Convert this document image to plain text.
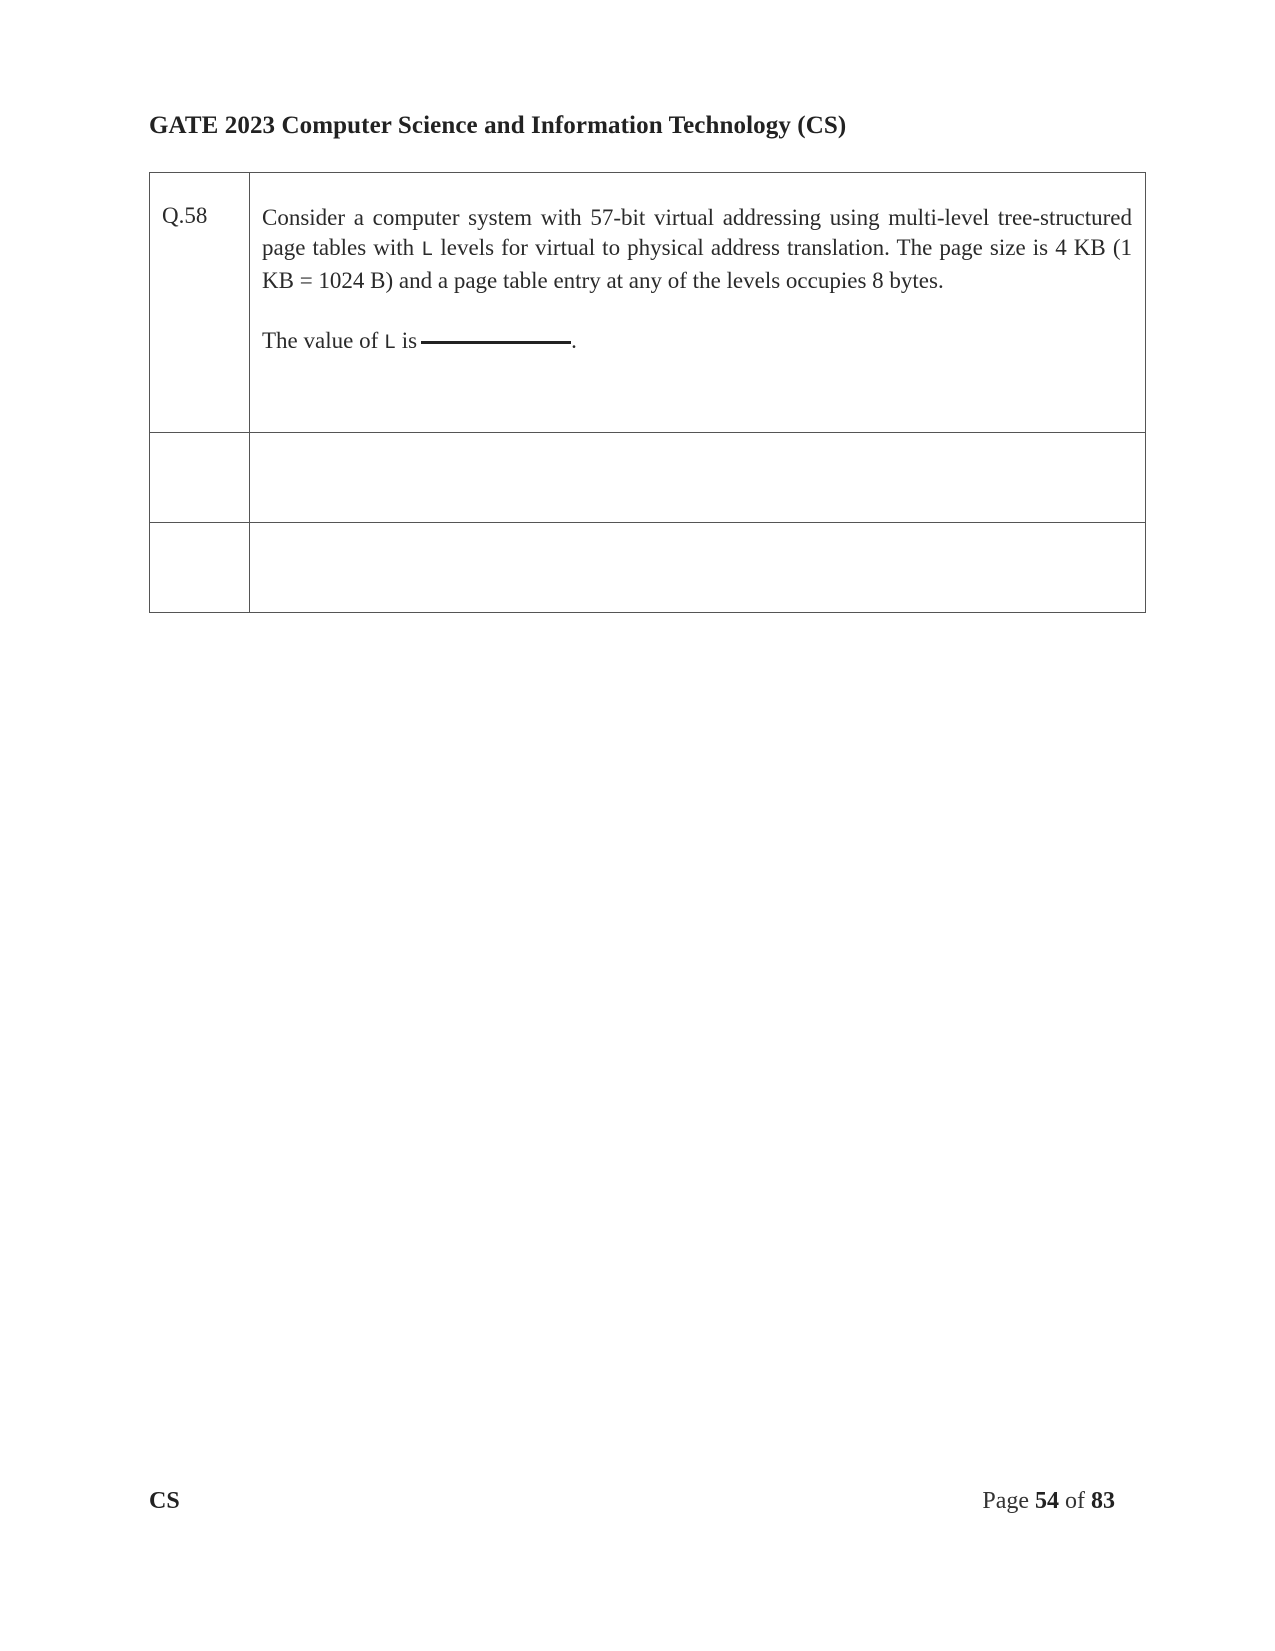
GATE 2023 Computer Science and Information Technology (CS)
Q.58	Consider a computer system with 57-bit virtual addressing using multi-level tree-structured page tables with L levels for virtual to physical address translation. The page size is 4 KB (1 KB = 1024 B) and a page table entry at any of the levels occupies 8 bytes.

The value of L is .

CS	Page 54 of 83
